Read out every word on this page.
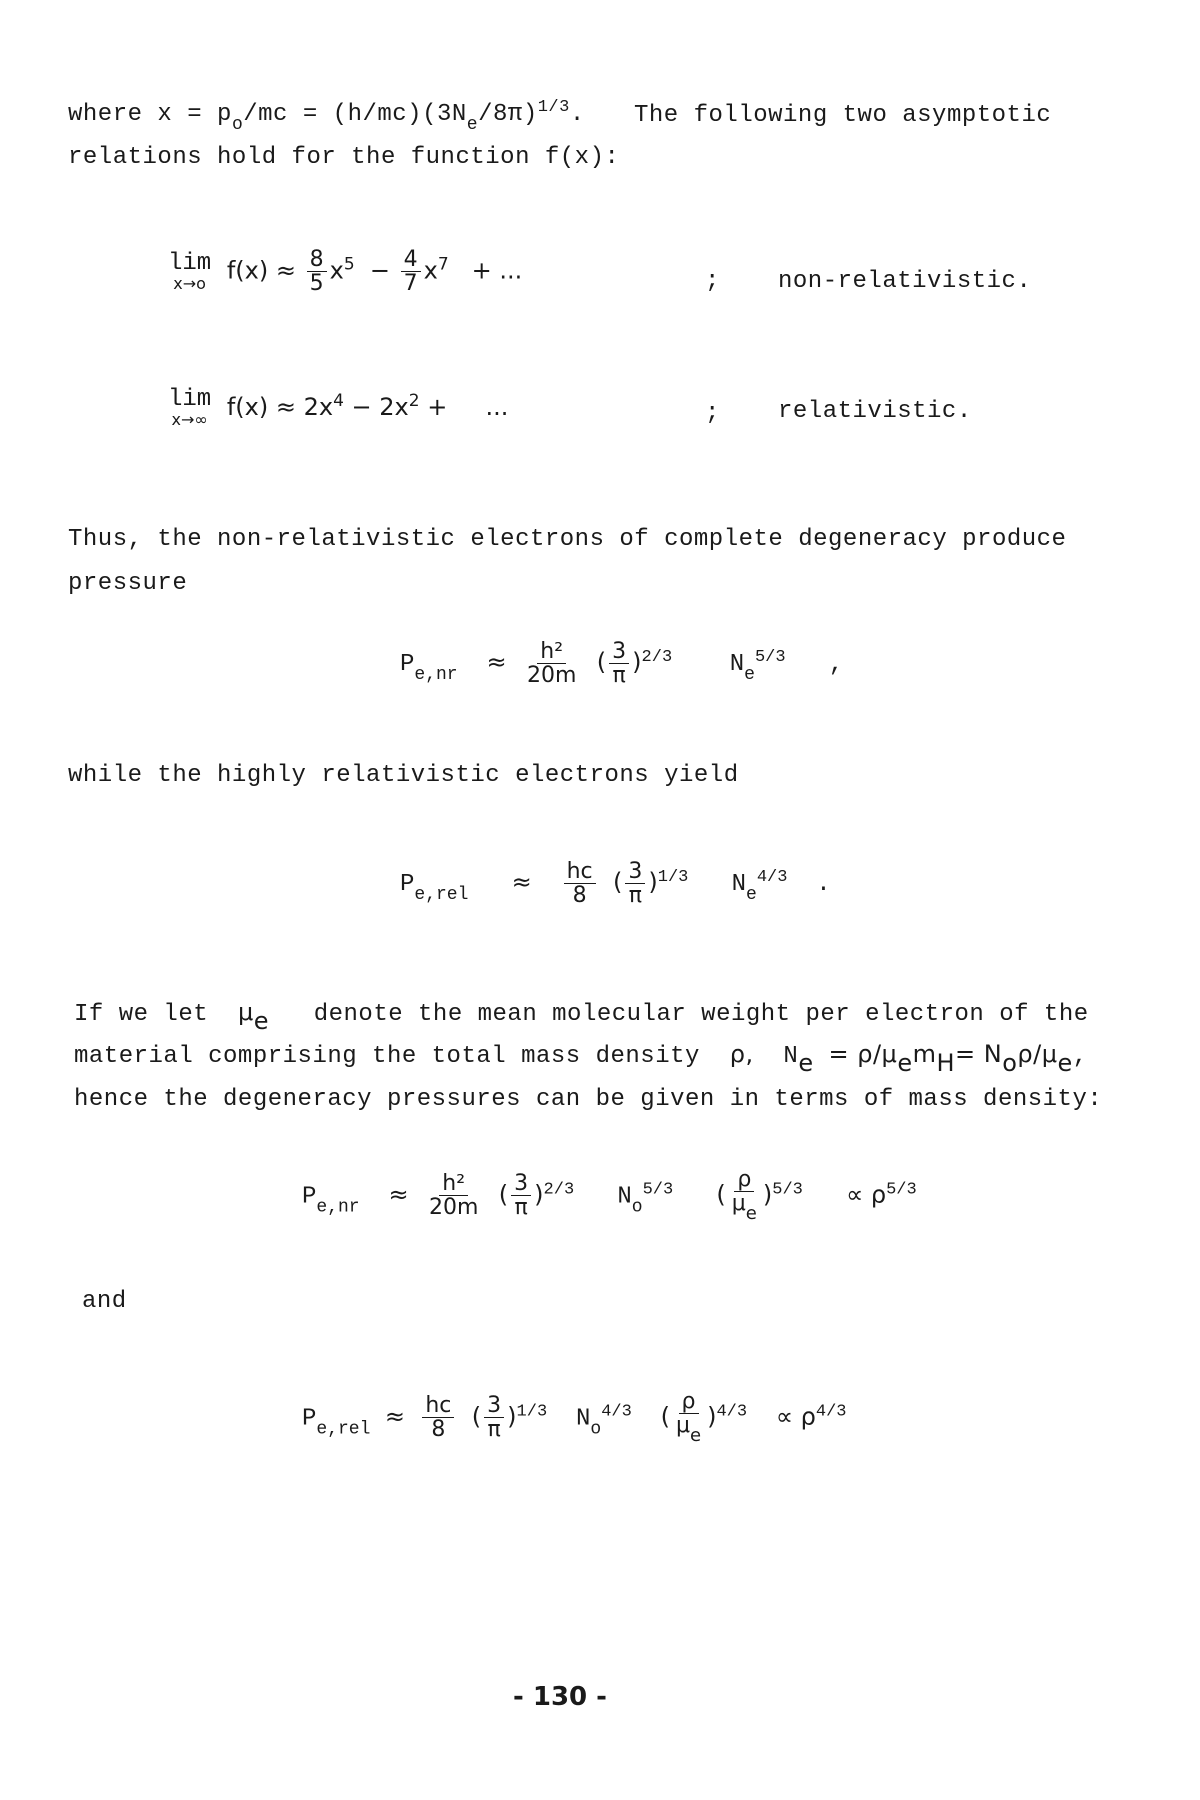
where $x = p_o/mc = (h/mc)(3N_e/8\pi)^{1/3}$. The following two asymptotic
relations hold for the function f(x):
lim
x→o $f(x) \approx \frac{8}{5} x^5 - \frac{4}{7} x^7$ + ...	; non-relativistic.
lim
x→∞ $f(x) \approx 2x^4 - 2x^2$ + ...	; relativistic.
Thus, the non-relativistic electrons of complete degeneracy produce
pressure
$P_{e,nr} \approx \frac{\text{h²}}{20m}$ ( $\frac{3}{\pi} )^{2/3}$ $N_e^{5/3}$ ,
while the highly relativistic electrons yield
$P_{e,rel} \approx \frac{hc}{8}$ ( $\frac{3}{\pi} )^{1/3}$ $N_e^{4/3}$ .
If we let $\mu_e$ denote the mean molecular weight per electron of the
material comprising the total mass density ρ, $N_e = \rho/\mu_em_H= N_o\rho/\mu_e$,
hence the degeneracy pressures can be given in terms of mass density:
$P_{e,nr} \approx \frac{\text{h²}}{20m}$ ( $\frac{3}{\pi} )^{2/3}$ $N_o^{5/3}$ ( $\frac{\rho}{\mu_e} )^{5/3} \propto \rho^{5/3}$
and
$P_{e,rel} \approx \frac{hc}{8}$ ( $\frac{3}{\pi} )^{1/3}$ $N_o^{4/3}$ ( $\frac{\rho}{\mu_e} )^{4/3} \propto \rho^{4/3}$
- 130 -
